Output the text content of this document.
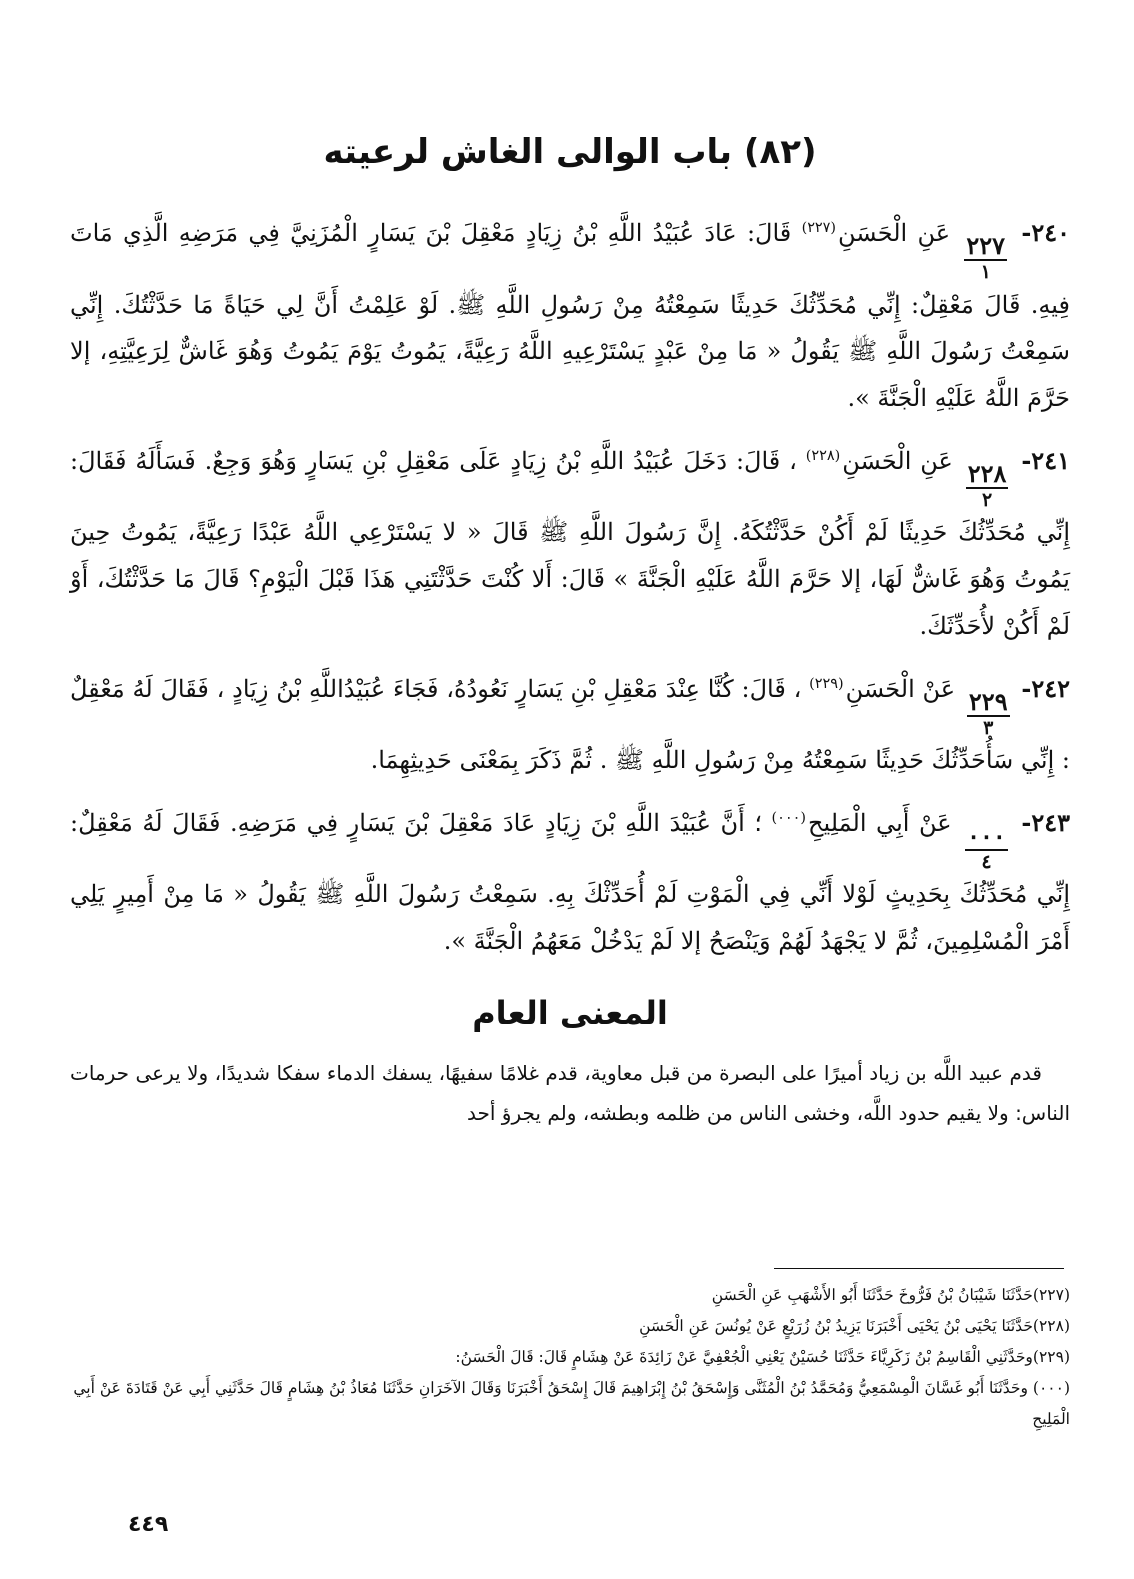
(٨٢) باب الوالى الغاش لرعيته

٢٤٠-
$\frac{٢٢٧}{١}$
عَنِ الْحَسَنِ$^{(٢٢٧)}$ قَالَ: عَادَ عُبَيْدُ اللَّهِ بْنُ زِيَادٍ مَعْقِلَ بْنَ يَسَارٍ الْمُزَنِيَّ فِي مَرَضِهِ الَّذِي مَاتَ فِيهِ. قَالَ مَعْقِلٌ: إِنِّي مُحَدِّثُكَ حَدِيثًا سَمِعْتُهُ مِنْ رَسُولِ اللَّهِ ﷺ. لَوْ عَلِمْتُ أَنَّ لِي حَيَاةً مَا حَدَّثْتُكَ. إِنِّي سَمِعْتُ رَسُولَ اللَّهِ ﷺ يَقُولُ « مَا مِنْ عَبْدٍ يَسْتَرْعِيهِ اللَّهُ رَعِيَّةً، يَمُوتُ يَوْمَ يَمُوتُ وَهُوَ غَاشٌّ لِرَعِيَّتِهِ، إلا حَرَّمَ اللَّهُ عَلَيْهِ الْجَنَّةَ ».

٢٤١-
$\frac{٢٢٨}{٢}$
عَنِ الْحَسَنِ$^{(٢٢٨)}$ ، قَالَ: دَخَلَ عُبَيْدُ اللَّهِ بْنُ زِيَادٍ عَلَى مَعْقِلِ بْنِ يَسَارٍ وَهُوَ وَجِعٌ. فَسَأَلَهُ فَقَالَ: إِنِّي مُحَدِّثُكَ حَدِيثًا لَمْ أَكُنْ حَدَّثْتُكَهُ. إِنَّ رَسُولَ اللَّهِ ﷺ قَالَ « لا يَسْتَرْعِي اللَّهُ عَبْدًا رَعِيَّةً، يَمُوتُ حِينَ يَمُوتُ وَهُوَ غَاشٌّ لَهَا، إلا حَرَّمَ اللَّهُ عَلَيْهِ الْجَنَّةَ » قَالَ: أَلا كُنْتَ حَدَّثْتَنِي هَذَا قَبْلَ الْيَوْمِ؟ قَالَ مَا حَدَّثْتُكَ، أَوْ لَمْ أَكُنْ لأُحَدِّثَكَ.

٢٤٢-
$\frac{٢٢٩}{٣}$
عَنْ الْحَسَنِ$^{(٢٢٩)}$ ، قَالَ: كُنَّا عِنْدَ مَعْقِلِ بْنِ يَسَارٍ نَعُودُهُ، فَجَاءَ عُبَيْدُاللَّهِ بْنُ زِيَادٍ ، فَقَالَ لَهُ مَعْقِلٌ : إِنِّي سَأُحَدِّثُكَ حَدِيثًا سَمِعْتُهُ مِنْ رَسُولِ اللَّهِ ﷺ . ثُمَّ ذَكَرَ بِمَعْنَى حَدِيثِهِمَا.

٢٤٣-
$\frac{٠٠٠}{٤}$
عَنْ أَبِي الْمَلِيحِ$^{(٠٠٠)}$ ؛ أَنَّ عُبَيْدَ اللَّهِ بْنَ زِيَادٍ عَادَ مَعْقِلَ بْنَ يَسَارٍ فِي مَرَضِهِ. فَقَالَ لَهُ مَعْقِلٌ: إِنِّي مُحَدِّثُكَ بِحَدِيثٍ لَوْلا أَنِّي فِي الْمَوْتِ لَمْ أُحَدِّثْكَ بِهِ. سَمِعْتُ رَسُولَ اللَّهِ ﷺ يَقُولُ « مَا مِنْ أَمِيرٍ يَلِي أَمْرَ الْمُسْلِمِينَ، ثُمَّ لا يَجْهَدُ لَهُمْ وَيَنْصَحُ إلا لَمْ يَدْخُلْ مَعَهُمُ الْجَنَّةَ ».

المعنى العام

قدم عبيد اللَّه بن زياد أميرًا على البصرة من قبل معاوية، قدم غلامًا سفيهًا، يسفك الدماء سفكا شديدًا، ولا يرعى حرمات الناس: ولا يقيم حدود اللَّه، وخشى الناس من ظلمه وبطشه، ولم يجرؤ أحد

(٢٢٧)حَدَّثَنَا شَيْبَانُ بْنُ فَرُّوخَ حَدَّثَنَا أَبُو الأَشْهَبِ عَنِ الْحَسَنِ

(٢٢٨)حَدَّثَنَا يَحْيَى بْنُ يَحْيَى أَخْبَرَنَا يَزِيدُ بْنُ زُرَيْعٍ عَنْ يُونُسَ عَنِ الْحَسَنِ

(٢٢٩)وحَدَّثَنِي الْقَاسِمُ بْنُ زَكَرِيَّاءَ حَدَّثَنَا حُسَيْنٌ يَعْنِي الْجُعْفِيَّ عَنْ زَائِدَةَ عَنْ هِشَامٍ قَالَ: قَالَ الْحَسَنُ:

(٠٠٠) وحَدَّثَنَا أَبُو غَسَّانَ الْمِسْمَعِيُّ وَمُحَمَّدُ بْنُ الْمُثَنَّى وَإِسْحَقُ بْنُ إِبْرَاهِيمَ قَالَ إِسْحَقُ أَخْبَرَنَا وَقَالَ الآخَرَانِ حَدَّثَنَا مُعَاذُ بْنُ هِشَامٍ قَالَ حَدَّثَنِي أَبِي عَنْ قَتَادَةَ عَنْ أَبِي الْمَلِيحِ

٤٤٩
